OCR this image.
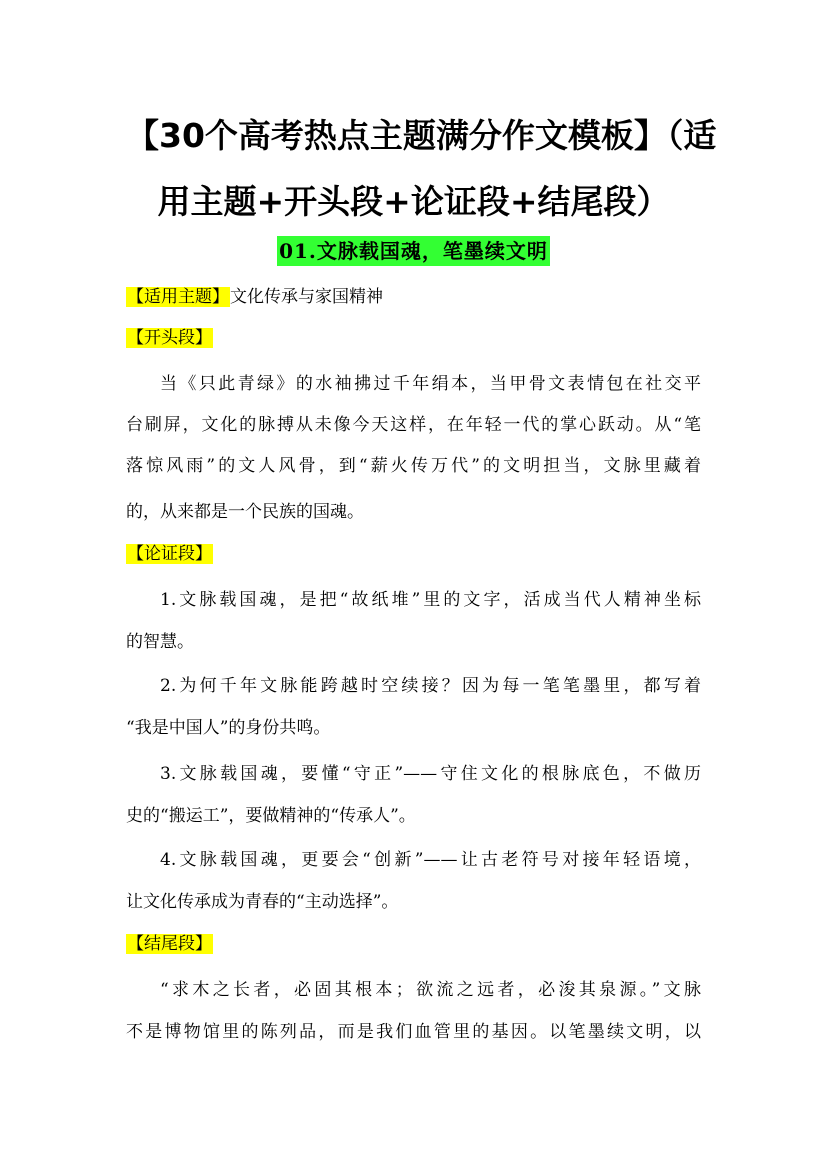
【30个高考热点主题满分作文模板】（适
用主题+开头段+论证段+结尾段）
01.文脉载国魂，笔墨续文明
【适用主题】文化传承与家国精神
【开头段】
当《只此青绿》的水袖拂过千年绢本，当甲骨文表情包在社交平
台刷屏，文化的脉搏从未像今天这样，在年轻一代的掌心跃动。从“笔
落惊风雨”的文人风骨，到“薪火传万代”的文明担当，文脉里藏着
的，从来都是一个民族的国魂。
【论证段】
1.文脉载国魂，是把“故纸堆”里的文字，活成当代人精神坐标
的智慧。
2.为何千年文脉能跨越时空续接？因为每一笔笔墨里，都写着
“我是中国人”的身份共鸣。
3.文脉载国魂，要懂“守正”——守住文化的根脉底色，不做历
史的“搬运工”，要做精神的“传承人”。
4.文脉载国魂，更要会“创新”——让古老符号对接年轻语境，
让文化传承成为青春的“主动选择”。
【结尾段】
“求木之长者，必固其根本；欲流之远者，必浚其泉源。”文脉
不是博物馆里的陈列品，而是我们血管里的基因。以笔墨续文明，以
